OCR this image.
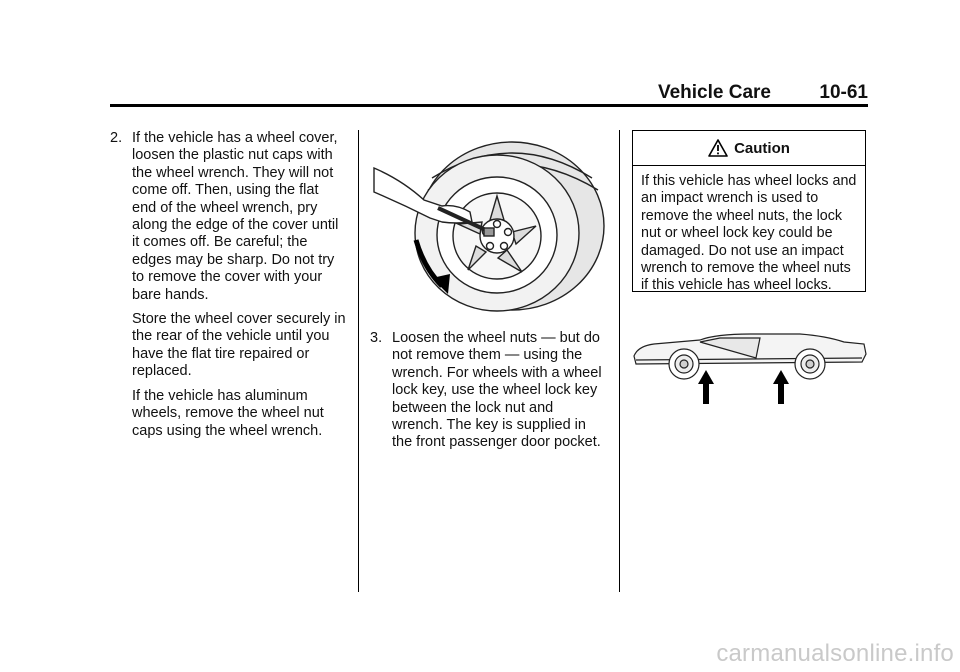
Vehicle Care	10-61
2. If the vehicle has a wheel cover, loosen the plastic nut caps with the wheel wrench. They will not come off. Then, using the flat end of the wheel wrench, pry along the edge of the cover until it comes off. Be careful; the edges may be sharp. Do not try to remove the cover with your bare hands.
Store the wheel cover securely in the rear of the vehicle until you have the flat tire repaired or replaced.
If the vehicle has aluminum wheels, remove the wheel nut caps using the wheel wrench.
3. Loosen the wheel nuts — but do not remove them — using the wrench. For wheels with a wheel lock key, use the wheel lock key between the lock nut and wrench. The key is supplied in the front passenger door pocket.
Caution
If this vehicle has wheel locks and an impact wrench is used to remove the wheel nuts, the lock nut or wheel lock key could be damaged. Do not use an impact wrench to remove the wheel nuts if this vehicle has wheel locks.
carmanualsonline.info
